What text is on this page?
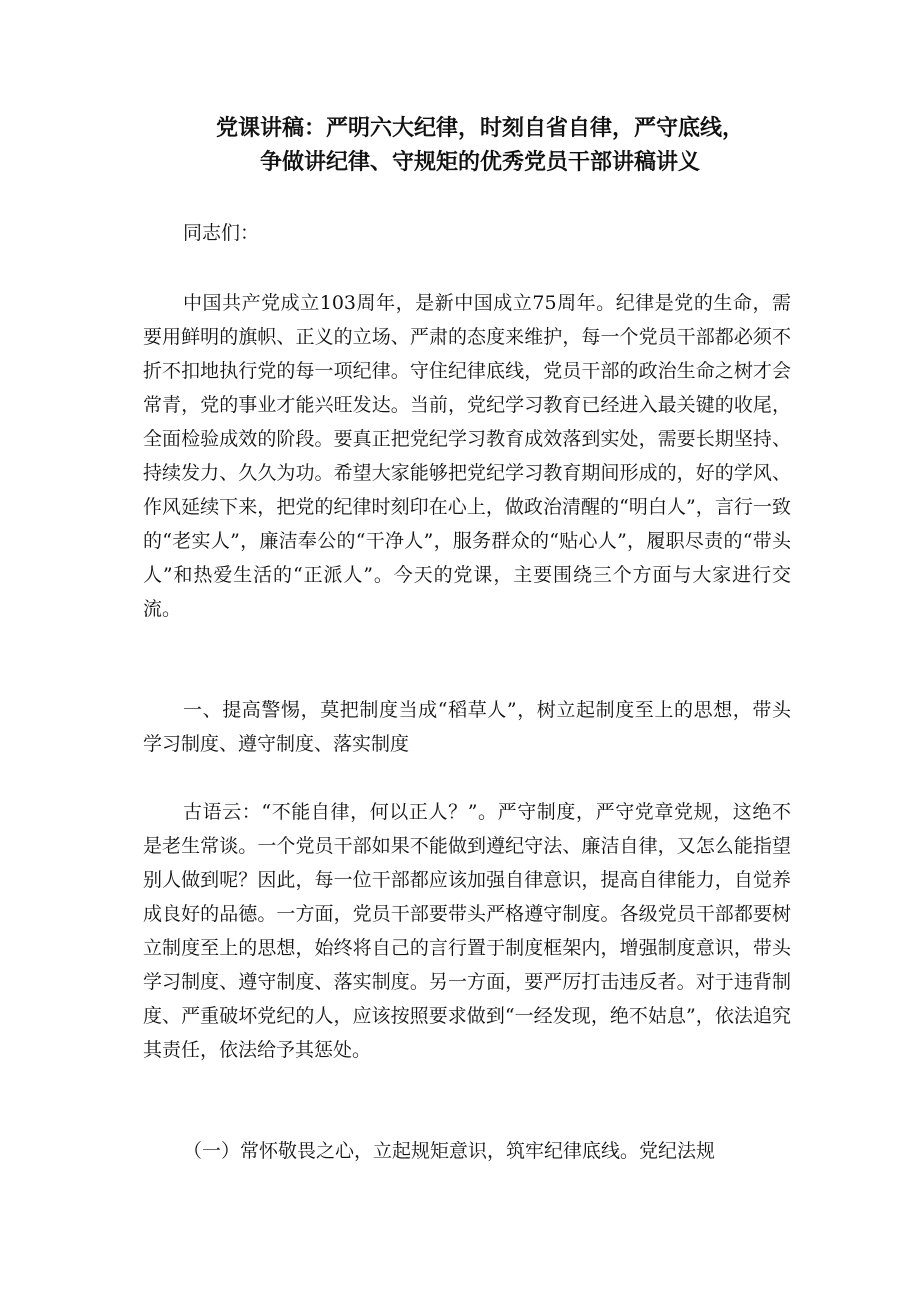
党课讲稿：严明六大纪律，时刻自省自律，严守底线，
争做讲纪律、守规矩的优秀党员干部讲稿讲义

同志们：

中国共产党成立103周年，是新中国成立75周年。纪律是党的生命，需要用鲜明的旗帜、正义的立场、严肃的态度来维护，每一个党员干部都必须不折不扣地执行党的每一项纪律。守住纪律底线，党员干部的政治生命之树才会常青，党的事业才能兴旺发达。当前，党纪学习教育已经进入最关键的收尾，全面检验成效的阶段。要真正把党纪学习教育成效落到实处，需要长期坚持、持续发力、久久为功。希望大家能够把党纪学习教育期间形成的，好的学风、作风延续下来，把党的纪律时刻印在心上，做政治清醒的“明白人”，言行一致的“老实人”，廉洁奉公的“干净人”，服务群众的“贴心人”，履职尽责的“带头人”和热爱生活的“正派人”。今天的党课，主要围绕三个方面与大家进行交流。

一、提高警惕，莫把制度当成“稻草人”，树立起制度至上的思想，带头学习制度、遵守制度、落实制度

古语云：“不能自律，何以正人？”。严守制度，严守党章党规，这绝不是老生常谈。一个党员干部如果不能做到遵纪守法、廉洁自律，又怎么能指望别人做到呢？因此，每一位干部都应该加强自律意识，提高自律能力，自觉养成良好的品德。一方面，党员干部要带头严格遵守制度。各级党员干部都要树立制度至上的思想，始终将自己的言行置于制度框架内，增强制度意识，带头学习制度、遵守制度、落实制度。另一方面，要严厉打击违反者。对于违背制度、严重破坏党纪的人，应该按照要求做到“一经发现，绝不姑息”，依法追究其责任，依法给予其惩处。

（一）常怀敬畏之心，立起规矩意识，筑牢纪律底线。党纪法规
